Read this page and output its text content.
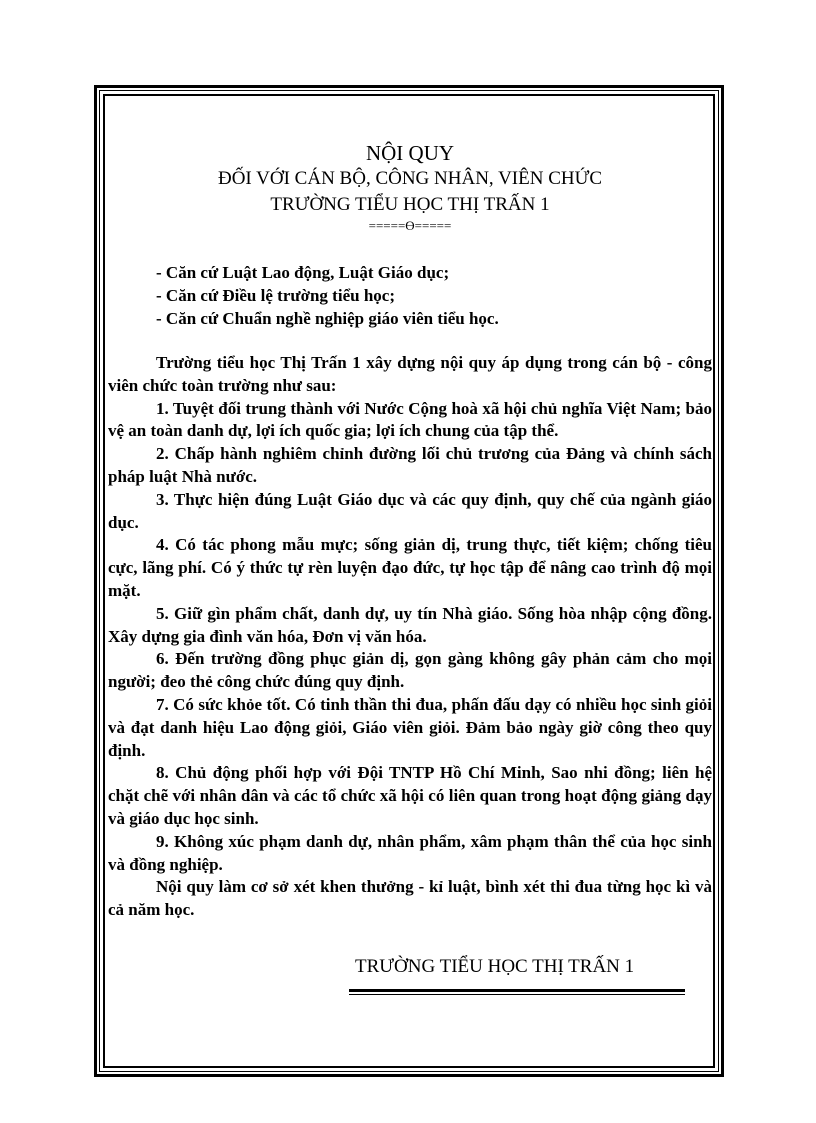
NỘI QUY
ĐỐI VỚI CÁN BỘ, CÔNG NHÂN, VIÊN CHỨC
TRƯỜNG TIỂU HỌC THỊ TRẤN 1
=====ϴ=====
- Căn cứ Luật Lao động, Luật Giáo dục;
- Căn cứ Điều lệ trường tiểu học;
- Căn cứ Chuẩn nghề nghiệp giáo viên tiểu học.

Trường tiểu học Thị Trấn 1 xây dựng nội quy áp dụng trong cán bộ - công viên chức toàn trường như sau:

1. Tuyệt đối trung thành với Nước Cộng hoà xã hội chủ nghĩa Việt Nam; bảo vệ an toàn danh dự, lợi ích quốc gia; lợi ích chung của tập thể.

2. Chấp hành nghiêm chỉnh đường lối chủ trương của Đảng và chính sách pháp luật Nhà nước.

3. Thực hiện đúng Luật Giáo dục và các quy định, quy chế của ngành giáo dục.

4. Có tác phong mẫu mực; sống giản dị, trung thực, tiết kiệm; chống tiêu cực, lãng phí. Có ý thức tự rèn luyện đạo đức, tự học tập để nâng cao trình độ mọi mặt.

5. Giữ gìn phẩm chất, danh dự, uy tín Nhà giáo. Sống hòa nhập cộng đồng. Xây dựng gia đình văn hóa, Đơn vị văn hóa.

6. Đến trường đồng phục giản dị, gọn gàng không gây phản cảm cho mọi người; đeo thẻ công chức đúng quy định.

7. Có sức khỏe tốt. Có tinh thần thi đua, phấn đấu dạy có nhiều học sinh giỏi và đạt danh hiệu Lao động giỏi, Giáo viên giỏi. Đảm bảo ngày giờ công theo quy định.

8. Chủ động phối hợp với Đội TNTP Hồ Chí Minh, Sao nhi đồng; liên hệ chặt chẽ với nhân dân và các tổ chức xã hội có liên quan trong hoạt động giảng dạy và giáo dục học sinh.

9. Không xúc phạm danh dự, nhân phẩm, xâm phạm thân thể của học sinh và đồng nghiệp.

Nội quy làm cơ sở xét khen thưởng - kỉ luật, bình xét thi đua từng học kì và cả năm học.

TRƯỜNG TIỂU HỌC THỊ TRẤN 1
